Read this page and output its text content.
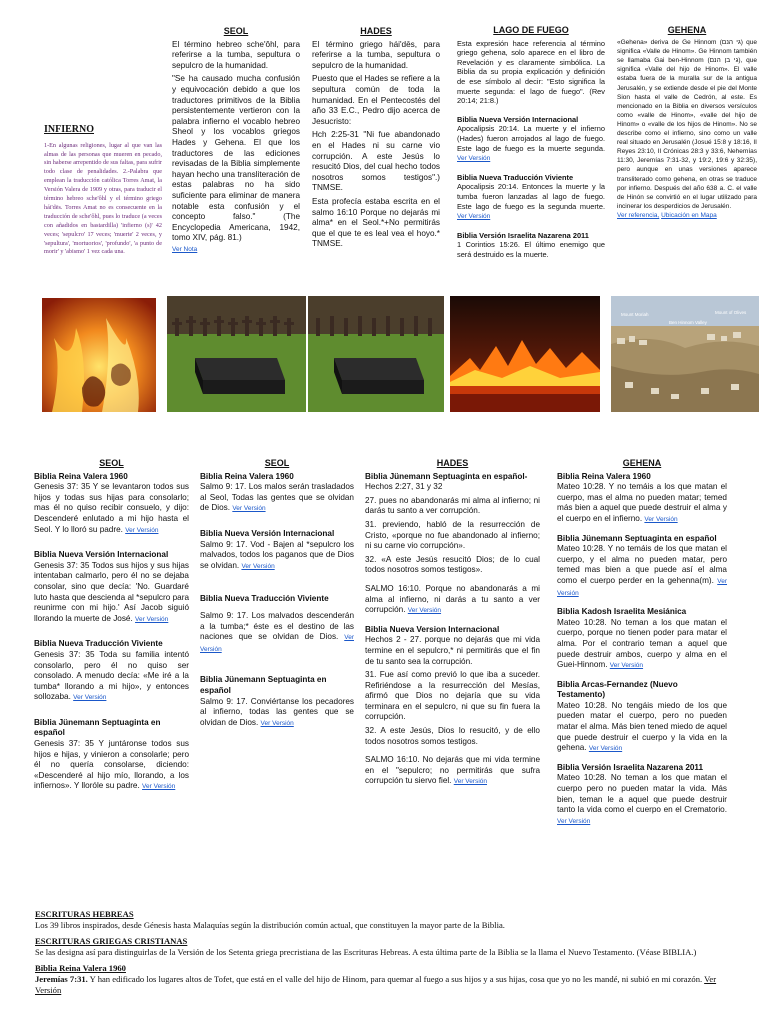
INFIERNO

1-En algunas religiones, lugar al que van las almas de las personas que mueren en pecado, sin haberse arrepentido de sus faltas, para sufrir todo clase de penalidades. 2.-Palabra que emplean la traducción católica Torres Amat, la Versión Valera de 1909 y otras, para traducir el término hebreo sche'ôhl y el término griego hái'dēs. Torres Amat no es consecuente en la traducción de sche'ôhl, pues lo traduce (a veces con añadidos en bastardilla) 'infierno (s)' 42 veces; 'sepulcro' 17 veces; 'muerte' 2 veces, y 'sepultura', 'mortuorios', 'profundo', 'a punto de morir' y 'abismo' 1 vez cada una.

SEOL

El término hebreo sche'ôhl, para referirse a la tumba, sepultura o sepulcro de la humanidad.

"Se ha causado mucha confusión y equivocación debido a que los traductores primitivos de la Biblia persistentemente vertieron con la palabra infierno el vocablo hebreo Sheol y los vocablos griegos Hades y Gehena. El que los traductores de las ediciones revisadas de la Biblia simplemente hayan hecho una transliteración de estas palabras no ha sido suficiente para eliminar de manera notable esta confusión y el concepto falso." (The Encyclopedia Americana, 1942, tomo XIV, pág. 81.)

Ver Nota
HADES

El término griego hái'dēs, para referirse a la tumba, sepultura o sepulcro de la humanidad.

Puesto que el Hades se refiere a la sepultura común de toda la humanidad. En el Pentecostés del año 33 E.C., Pedro dijo acerca de Jesucristo:

Hch 2:25-31 "Ni fue abandonado en el Hades ni su carne vio corrupción. A este Jesús lo resucitó Dios, del cual hecho todos nosotros somos testigos".) TNMSE.

Esta profecía estaba escrita en el salmo 16:10 Porque no dejarás mi alma* en el Seol.*+No permitirás que el que te es leal vea el hoyo.* TNMSE.

LAGO DE FUEGO

Esta expresión hace referencia al término griego gehena, solo aparece en el libro de Revelación y es claramente simbólica. La Biblia da su propia explicación y definición de ese símbolo al decir: "Esto significa la muerte segunda: el lago de fuego". (Rev 20:14; 21:8.)

Biblia Nueva Versión Internacional

Apocalipsis 20:14. La muerte y el infierno (Hades) fueron arrojados al lago de fuego. Este lago de fuego es la muerte segunda. Ver Versión

Biblia Nueva Traducción Viviente

Apocalipsis 20:14. Entonces la muerte y la tumba fueron lanzadas al lago de fuego. Este lago de fuego es la segunda muerte. Ver Versión

Biblia Versión Israelita Nazarena 2011

1 Corintios 15:26. El último enemigo que será destruido es la muerte.

GEHENA

«Gehena» deriva de Ge Hinnom (גי הנם) que significa «Valle de Hinom». Ge Hinnom también se llamaba Gai ben-Hinnom (גי בן הנם), que significa «Valle del hijo de Hinom». El valle estaba fuera de la muralla sur de la antigua Jerusalén, y se extiende desde el pie del Monte Sion hasta el valle de Cedrón, al este. Es mencionado en la Biblia en diversos versículos como «valle de Hinom», «valle del hijo de Hinom» o «valle de los hijos de Hinom». No se describe como el infierno, sino como un valle real situado en Jerusalén (Josué 15:8 y 18:16, II Reyes 23:10, II Crónicas 28:3 y 33:6, Nehemías 11:30, Jeremías 7:31-32, y 19:2, 19:6 y 32:35), pero aunque en unas versiones aparece transliterado como gehena, en otras se traduce por infierno. Después del año 638 a. C. el valle de Hinón se convirtió en el lugar utilizado para incinerar los desperdicios de Jerusalén.

Ver referencia, Ubicación en Mapa
Mount Moriah
Ben Hinnom Valley
Mount of Olives
SEOL
Biblia Reina Valera 1960

Genesis 37: 35 Y se levantaron todos sus hijos y todas sus hijas para consolarlo; mas él no quiso recibir consuelo, y dijo: Descenderé enlutado a mi hijo hasta el Seol. Y lo lloró su padre. Ver Versión

Biblia Nueva Versión Internacional

Genesis 37: 35 Todos sus hijos y sus hijas intentaban calmarlo, pero él no se dejaba consolar, sino que decía: 'No. Guardaré luto hasta que descienda al *sepulcro para reunirme con mi hijo.' Así Jacob siguió llorando la muerte de José. Ver Versión

Biblia Nueva Traducción Viviente

Genesis 37: 35 Toda su familia intentó consolarlo, pero él no quiso ser consolado. A menudo decía: «Me iré a la tumba* llorando a mi hijo», y entonces sollozaba. Ver Versión

Biblia Jünemann Septuaginta en español

Genesis 37: 35 Y juntáronse todos sus hijos e hijas, y vinieron a consolarle; pero él no quería consolarse, diciendo: «Descenderé al hijo mío, llorando, a los infiernos». Y lloróle su padre. Ver Versión

SEOL
Biblia Reina Valera 1960

Salmo 9: 17. Los malos serán trasladados al Seol, Todas las gentes que se olvidan de Dios. Ver Versión

Biblia Nueva Versión Internacional

Salmo 9: 17. Vod - Bajen al *sepulcro los malvados, todos los paganos que de Dios se olvidan. Ver Versión

Biblia Nueva Traducción Viviente

Salmo 9: 17. Los malvados descenderán a la tumba;* éste es el destino de las naciones que se olvidan de Dios. Ver Versión

Biblia Jünemann Septuaginta en español

Salmo 9: 17. Conviértanse los pecadores al infierno, todas las gentes que se olvidan de Dios. Ver Versión

HADES
Biblia Jünemann Septuaginta en español-

Hechos 2:27, 31 y 32

27. pues no abandonarás mi alma al infierno; ni darás tu santo a ver corrupción.

31. previendo, habló de la resurrección de Cristo, «porque no fue abandonado al infierno; ni su carne vio corrupción».

32. «A este Jesús resucitó Dios; de lo cual todos nosotros somos testigos».

SALMO 16:10. Porque no abandonarás a mi alma al infierno, ni darás a tu santo a ver corrupción. Ver Versión

Biblia Nueva Version Internacional

Hechos 2 - 27. porque no dejarás que mi vida termine en el sepulcro,* ni permitirás que el fin de tu santo sea la corrupción.

31. Fue así como previó lo que iba a suceder. Refiriéndose a la resurrección del Mesías, afirmó que Dios no dejaría que su vida terminara en el sepulcro, ni que su fin fuera la corrupción.

32. A este Jesús, Dios lo resucitó, y de ello todos nosotros somos testigos.

SALMO 16:10. No dejarás que mi vida termine en el "sepulcro; no permitirás que sufra corrupción tu siervo fiel. Ver Versión

GEHENA
Biblia Reina Valera 1960

Mateo 10:28. Y no temáis a los que matan el cuerpo, mas el alma no pueden matar; temed más bien a aquel que puede destruir el alma y el cuerpo en el infierno. Ver Versión

Biblia Jünemann Septuaginta en español

Mateo 10:28. Y no temáis de los que matan el cuerpo, y el alma no pueden matar, pero temed mas bien a que puede así el alma como el cuerpo perder en la gehenna(m). Ver Versión

Biblia Kadosh Israelita Mesiánica

Mateo 10:28. No teman a los que matan el cuerpo, porque no tienen poder para matar el alma. Por el contrario teman a aquel que puede destruir ambos, cuerpo y alma en el Guei-Hinnom. Ver Versión

Biblia Arcas-Fernandez (Nuevo Testamento)

Mateo 10:28. No tengáis miedo de los que pueden matar el cuerpo, pero no pueden matar el alma. Más bien tened miedo de aquel que puede destruir el cuerpo y la vida en la gehena. Ver Versión

Biblia Versión Israelita Nazarena 2011

Mateo 10:28. No teman a los que matan el cuerpo pero no pueden matar la vida. Más bien, teman le a aquel que puede destruir tanto la vida como el cuerpo en el Crematorio. Ver Versión

ESCRITURAS HEBREAS

Los 39 libros inspirados, desde Génesis hasta Malaquías según la distribución común actual, que constituyen la mayor parte de la Biblia.

ESCRITURAS GRIEGAS CRISTIANAS

Se las designa así para distinguirlas de la Versión de los Setenta griega precristiana de las Escrituras Hebreas. A esta última parte de la Biblia se la llama el Nuevo Testamento. (Véase BIBLIA.)

Biblia Reina Valera 1960

Jeremías 7:31. Y han edificado los lugares altos de Tofet, que está en el valle del hijo de Hinom, para quemar al fuego a sus hijos y a sus hijas, cosa que yo no les mandé, ni subió en mi corazón. Ver Versión
